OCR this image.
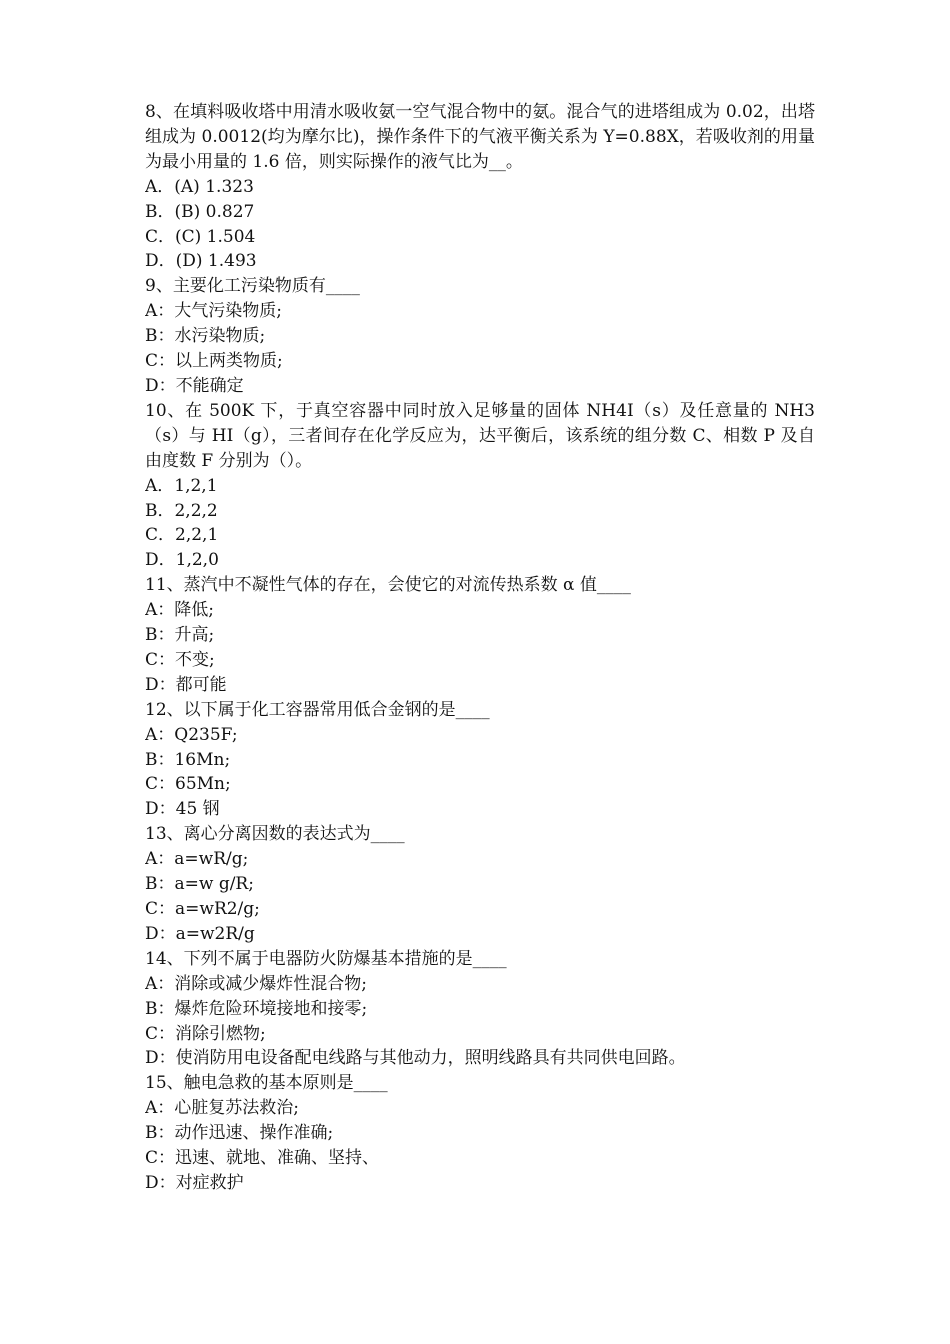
8、在填料吸收塔中用清水吸收氨一空气混合物中的氨。混合气的进塔组成为 0.02，出塔组成为 0.0012(均为摩尔比)，操作条件下的气液平衡关系为 Y=0.88X，若吸收剂的用量为最小用量的 1.6 倍，则实际操作的液气比为__。

A．(A) 1.323

B．(B) 0.827

C．(C) 1.504

D．(D) 1.493

9、主要化工污染物质有____

A：大气污染物质;

B：水污染物质;

C：以上两类物质;

D：不能确定

10、在 500K 下，于真空容器中同时放入足够量的固体 NH4I（s）及任意量的 NH3（s）与 HI（g），三者间存在化学反应为，达平衡后，该系统的组分数 C、相数 P 及自由度数 F 分别为（）。

A．1,2,1

B．2,2,2

C．2,2,1

D．1,2,0

11、蒸汽中不凝性气体的存在，会使它的对流传热系数 α 值____

A：降低;

B：升高;

C：不变;

D：都可能

12、以下属于化工容器常用低合金钢的是____

A：Q235F;

B：16Mn;

C：65Mn;

D：45 钢

13、离心分离因数的表达式为____

A：a=wR/g;

B：a=w g/R;

C：a=wR2/g;

D：a=w2R/g

14、下列不属于电器防火防爆基本措施的是____

A：消除或减少爆炸性混合物;

B：爆炸危险环境接地和接零;

C：消除引燃物;

D：使消防用电设备配电线路与其他动力，照明线路具有共同供电回路。

15、触电急救的基本原则是____

A：心脏复苏法救治;

B：动作迅速、操作准确;

C：迅速、就地、准确、坚持、

D：对症救护
